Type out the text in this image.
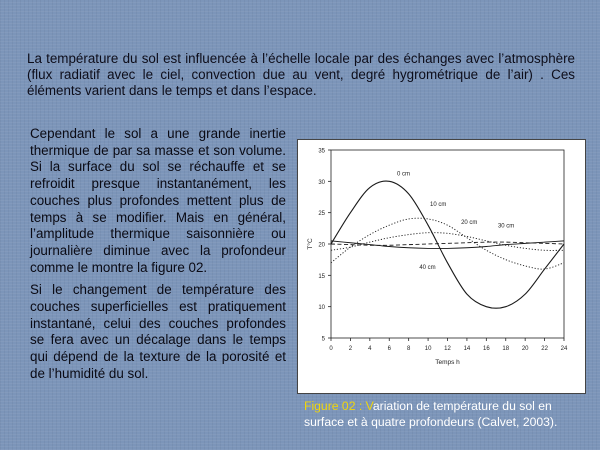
La température du sol est influencée à l’échelle locale par des échanges avec l’atmosphère (flux radiatif avec le ciel, convection due au vent, degré hygrométrique de l’air) . Ces éléments varient dans le temps et dans l’espace.

Cependant le sol a une grande inertie thermique de par sa masse et son volume. Si la surface du sol se réchauffe et se refroidit presque instantanément, les couches plus profondes mettent plus de temps à se modifier. Mais en général, l’amplitude thermique saisonnière ou journalière diminue avec la profondeur comme le montre la figure 02.

Si le changement de température des couches superficielles est pratiquement instantané, celui des couches profondes se fera avec un décalage dans le temps qui dépend de la texture de la porosité et de l’humidité du sol.

5
10
15
20
25
30
35
0	2	4	6	8 10 12 14 16 18 20 22 24
Temps h
T°C
0 cm
10 cm
20 cm
30 cm
40 cm
Figure 02 : Variation de température du sol en surface et à quatre profondeurs (Calvet, 2003).
